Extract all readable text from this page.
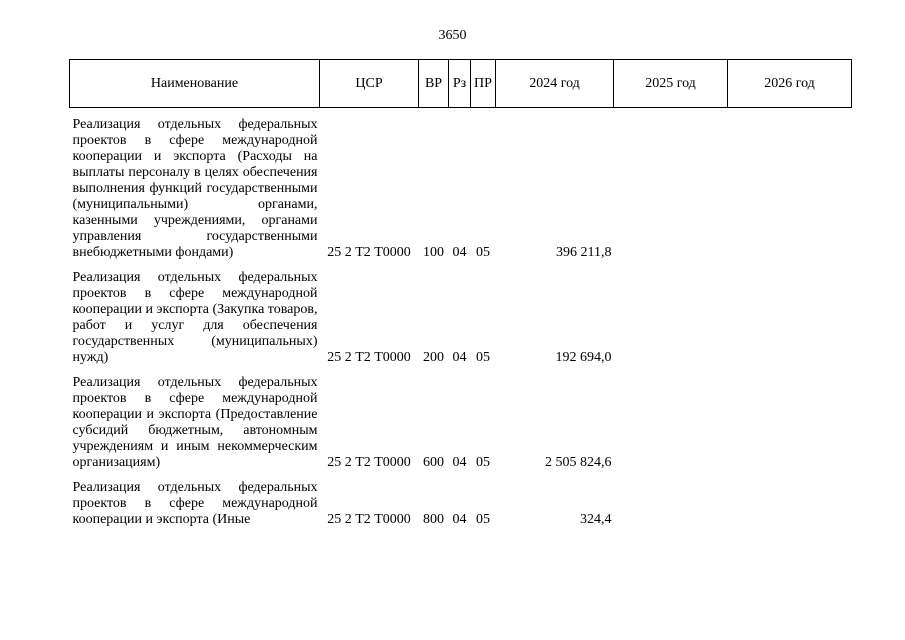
3650
Наименование	ЦСР	ВР	Рз	ПР	2024 год	2025 год	2026 год

Реализация отдельных федеральных проектов в сфере международной кооперации и экспорта (Расходы на выплаты персоналу в целях обеспечения выполнения функций государственными (муниципальными) органами, казенными учреждениями, органами управления государственными внебюджетными фондами)	25 2 Т2 Т0000	100	04	05	396 211,8		

Реализация отдельных федеральных проектов в сфере международной кооперации и экспорта (Закупка товаров, работ и услуг для обеспечения государственных (муниципальных) нужд)	25 2 Т2 Т0000	200	04	05	192 694,0		

Реализация отдельных федеральных проектов в сфере международной кооперации и экспорта (Предоставление субсидий бюджетным, автономным учреждениям и иным некоммерческим организациям)	25 2 Т2 Т0000	600	04	05	2 505 824,6		

Реализация отдельных федеральных проектов в сфере международной кооперации и экспорта (Иные	25 2 Т2 Т0000	800	04	05	324,4		
